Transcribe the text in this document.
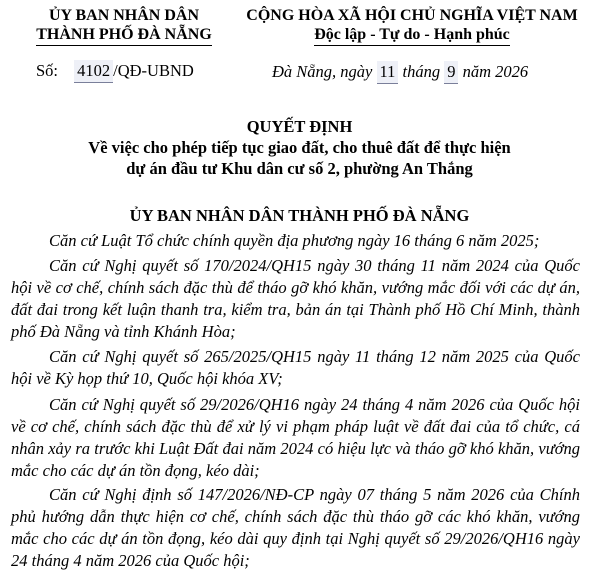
ỦY BAN NHÂN DÂN
THÀNH PHỐ ĐÀ NẴNG
CỘNG HÒA XÃ HỘI CHỦ NGHĨA VIỆT NAM
Độc lập - Tự do - Hạnh phúc
Số: 4102 /QĐ-UBND	Đà Nẵng, ngày 11 tháng 9 năm 2026
QUYẾT ĐỊNH
Về việc cho phép tiếp tục giao đất, cho thuê đất để thực hiện
dự án đầu tư Khu dân cư số 2, phường An Thắng
ỦY BAN NHÂN DÂN THÀNH PHỐ ĐÀ NẴNG
Căn cứ Luật Tổ chức chính quyền địa phương ngày 16 tháng 6 năm 2025;
Căn cứ Nghị quyết số 170/2024/QH15 ngày 30 tháng 11 năm 2024 của Quốc hội về cơ chế, chính sách đặc thù để tháo gỡ khó khăn, vướng mắc đối với các dự án, đất đai trong kết luận thanh tra, kiểm tra, bản án tại Thành phố Hồ Chí Minh, thành phố Đà Nẵng và tỉnh Khánh Hòa;
Căn cứ Nghị quyết số 265/2025/QH15 ngày 11 tháng 12 năm 2025 của Quốc hội về Kỳ họp thứ 10, Quốc hội khóa XV;
Căn cứ Nghị quyết số 29/2026/QH16 ngày 24 tháng 4 năm 2026 của Quốc hội về cơ chế, chính sách đặc thù để xử lý vi phạm pháp luật về đất đai của tổ chức, cá nhân xảy ra trước khi Luật Đất đai năm 2024 có hiệu lực và tháo gỡ khó khăn, vướng mắc cho các dự án tồn đọng, kéo dài;
Căn cứ Nghị định số 147/2026/NĐ-CP ngày 07 tháng 5 năm 2026 của Chính phủ hướng dẫn thực hiện cơ chế, chính sách đặc thù tháo gỡ các khó khăn, vướng mắc cho các dự án tồn đọng, kéo dài quy định tại Nghị quyết số 29/2026/QH16 ngày 24 tháng 4 năm 2026 của Quốc hội;
